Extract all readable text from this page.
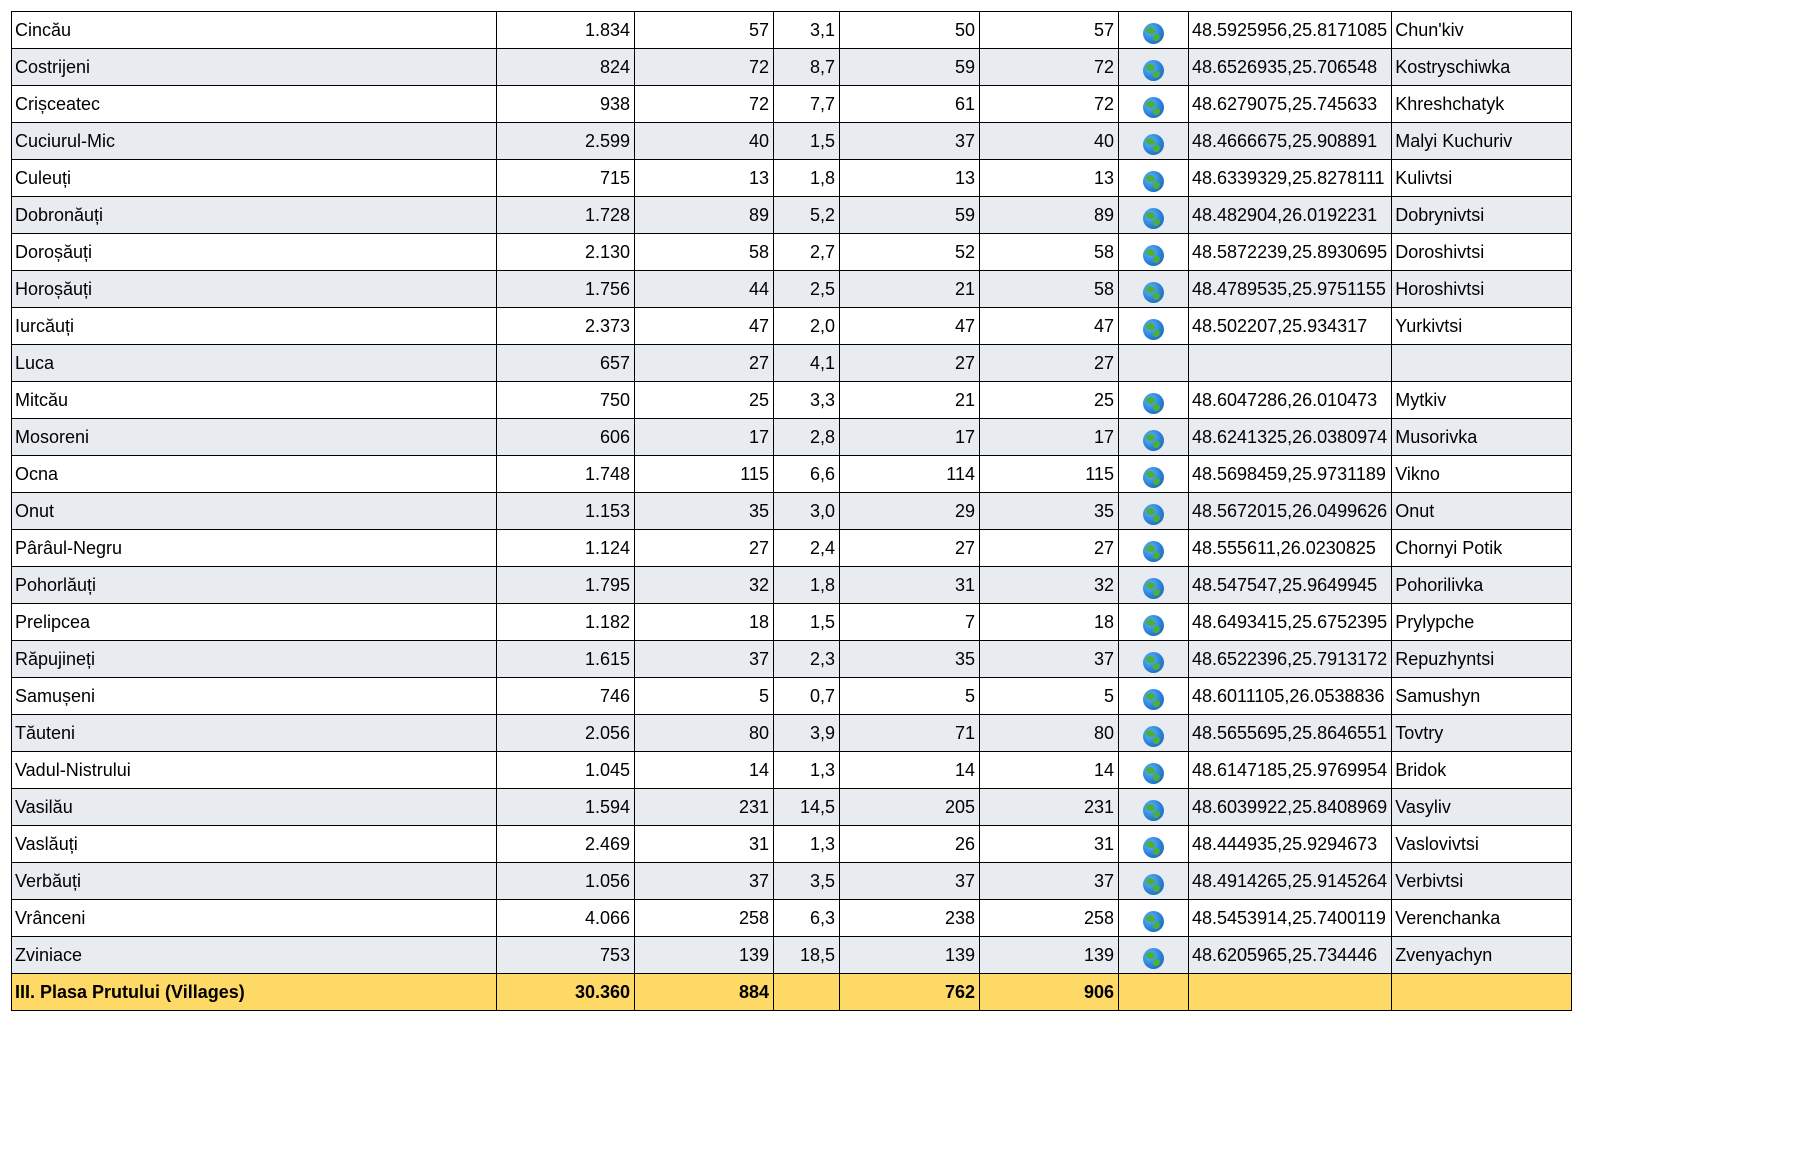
Cincău	1.834	57	3,1	50	57		48.5925956,25.8171085	Chun'kiv
Costrijeni	824	72	8,7	59	72		48.6526935,25.706548	Kostryschiwka
Crișceatec	938	72	7,7	61	72		48.6279075,25.745633	Khreshchatyk
Cuciurul-Mic	2.599	40	1,5	37	40		48.4666675,25.908891	Malyi Kuchuriv
Culeuți	715	13	1,8	13	13		48.6339329,25.8278111	Kulivtsi
Dobronăuți	1.728	89	5,2	59	89		48.482904,26.0192231	Dobrynivtsi
Doroșăuți	2.130	58	2,7	52	58		48.5872239,25.8930695	Doroshivtsi
Horoșăuți	1.756	44	2,5	21	58		48.4789535,25.9751155	Horoshivtsi
Iurcăuți	2.373	47	2,0	47	47		48.502207,25.934317	Yurkivtsi
Luca	657	27	4,1	27	27			
Mitcău	750	25	3,3	21	25		48.6047286,26.010473	Mytkiv
Mosoreni	606	17	2,8	17	17		48.6241325,26.0380974	Musorivka
Ocna	1.748	115	6,6	114	115		48.5698459,25.9731189	Vikno
Onut	1.153	35	3,0	29	35		48.5672015,26.0499626	Onut
Pârâul-Negru	1.124	27	2,4	27	27		48.555611,26.0230825	Chornyi Potik
Pohorlăuți	1.795	32	1,8	31	32		48.547547,25.9649945	Pohorilivka
Prelipcea	1.182	18	1,5	7	18		48.6493415,25.6752395	Prylypche
Răpujineți	1.615	37	2,3	35	37		48.6522396,25.7913172	Repuzhyntsi
Samușeni	746	5	0,7	5	5		48.6011105,26.0538836	Samushyn
Tăuteni	2.056	80	3,9	71	80		48.5655695,25.8646551	Tovtry
Vadul-Nistrului	1.045	14	1,3	14	14		48.6147185,25.9769954	Bridok
Vasilău	1.594	231	14,5	205	231		48.6039922,25.8408969	Vasyliv
Vaslăuți	2.469	31	1,3	26	31		48.444935,25.9294673	Vaslovivtsi
Verbăuți	1.056	37	3,5	37	37		48.4914265,25.9145264	Verbivtsi
Vrânceni	4.066	258	6,3	238	258		48.5453914,25.7400119	Verenchanka
Zviniace	753	139	18,5	139	139		48.6205965,25.734446	Zvenyachyn
III. Plasa Prutului (Villages)	30.360	884		762	906			
